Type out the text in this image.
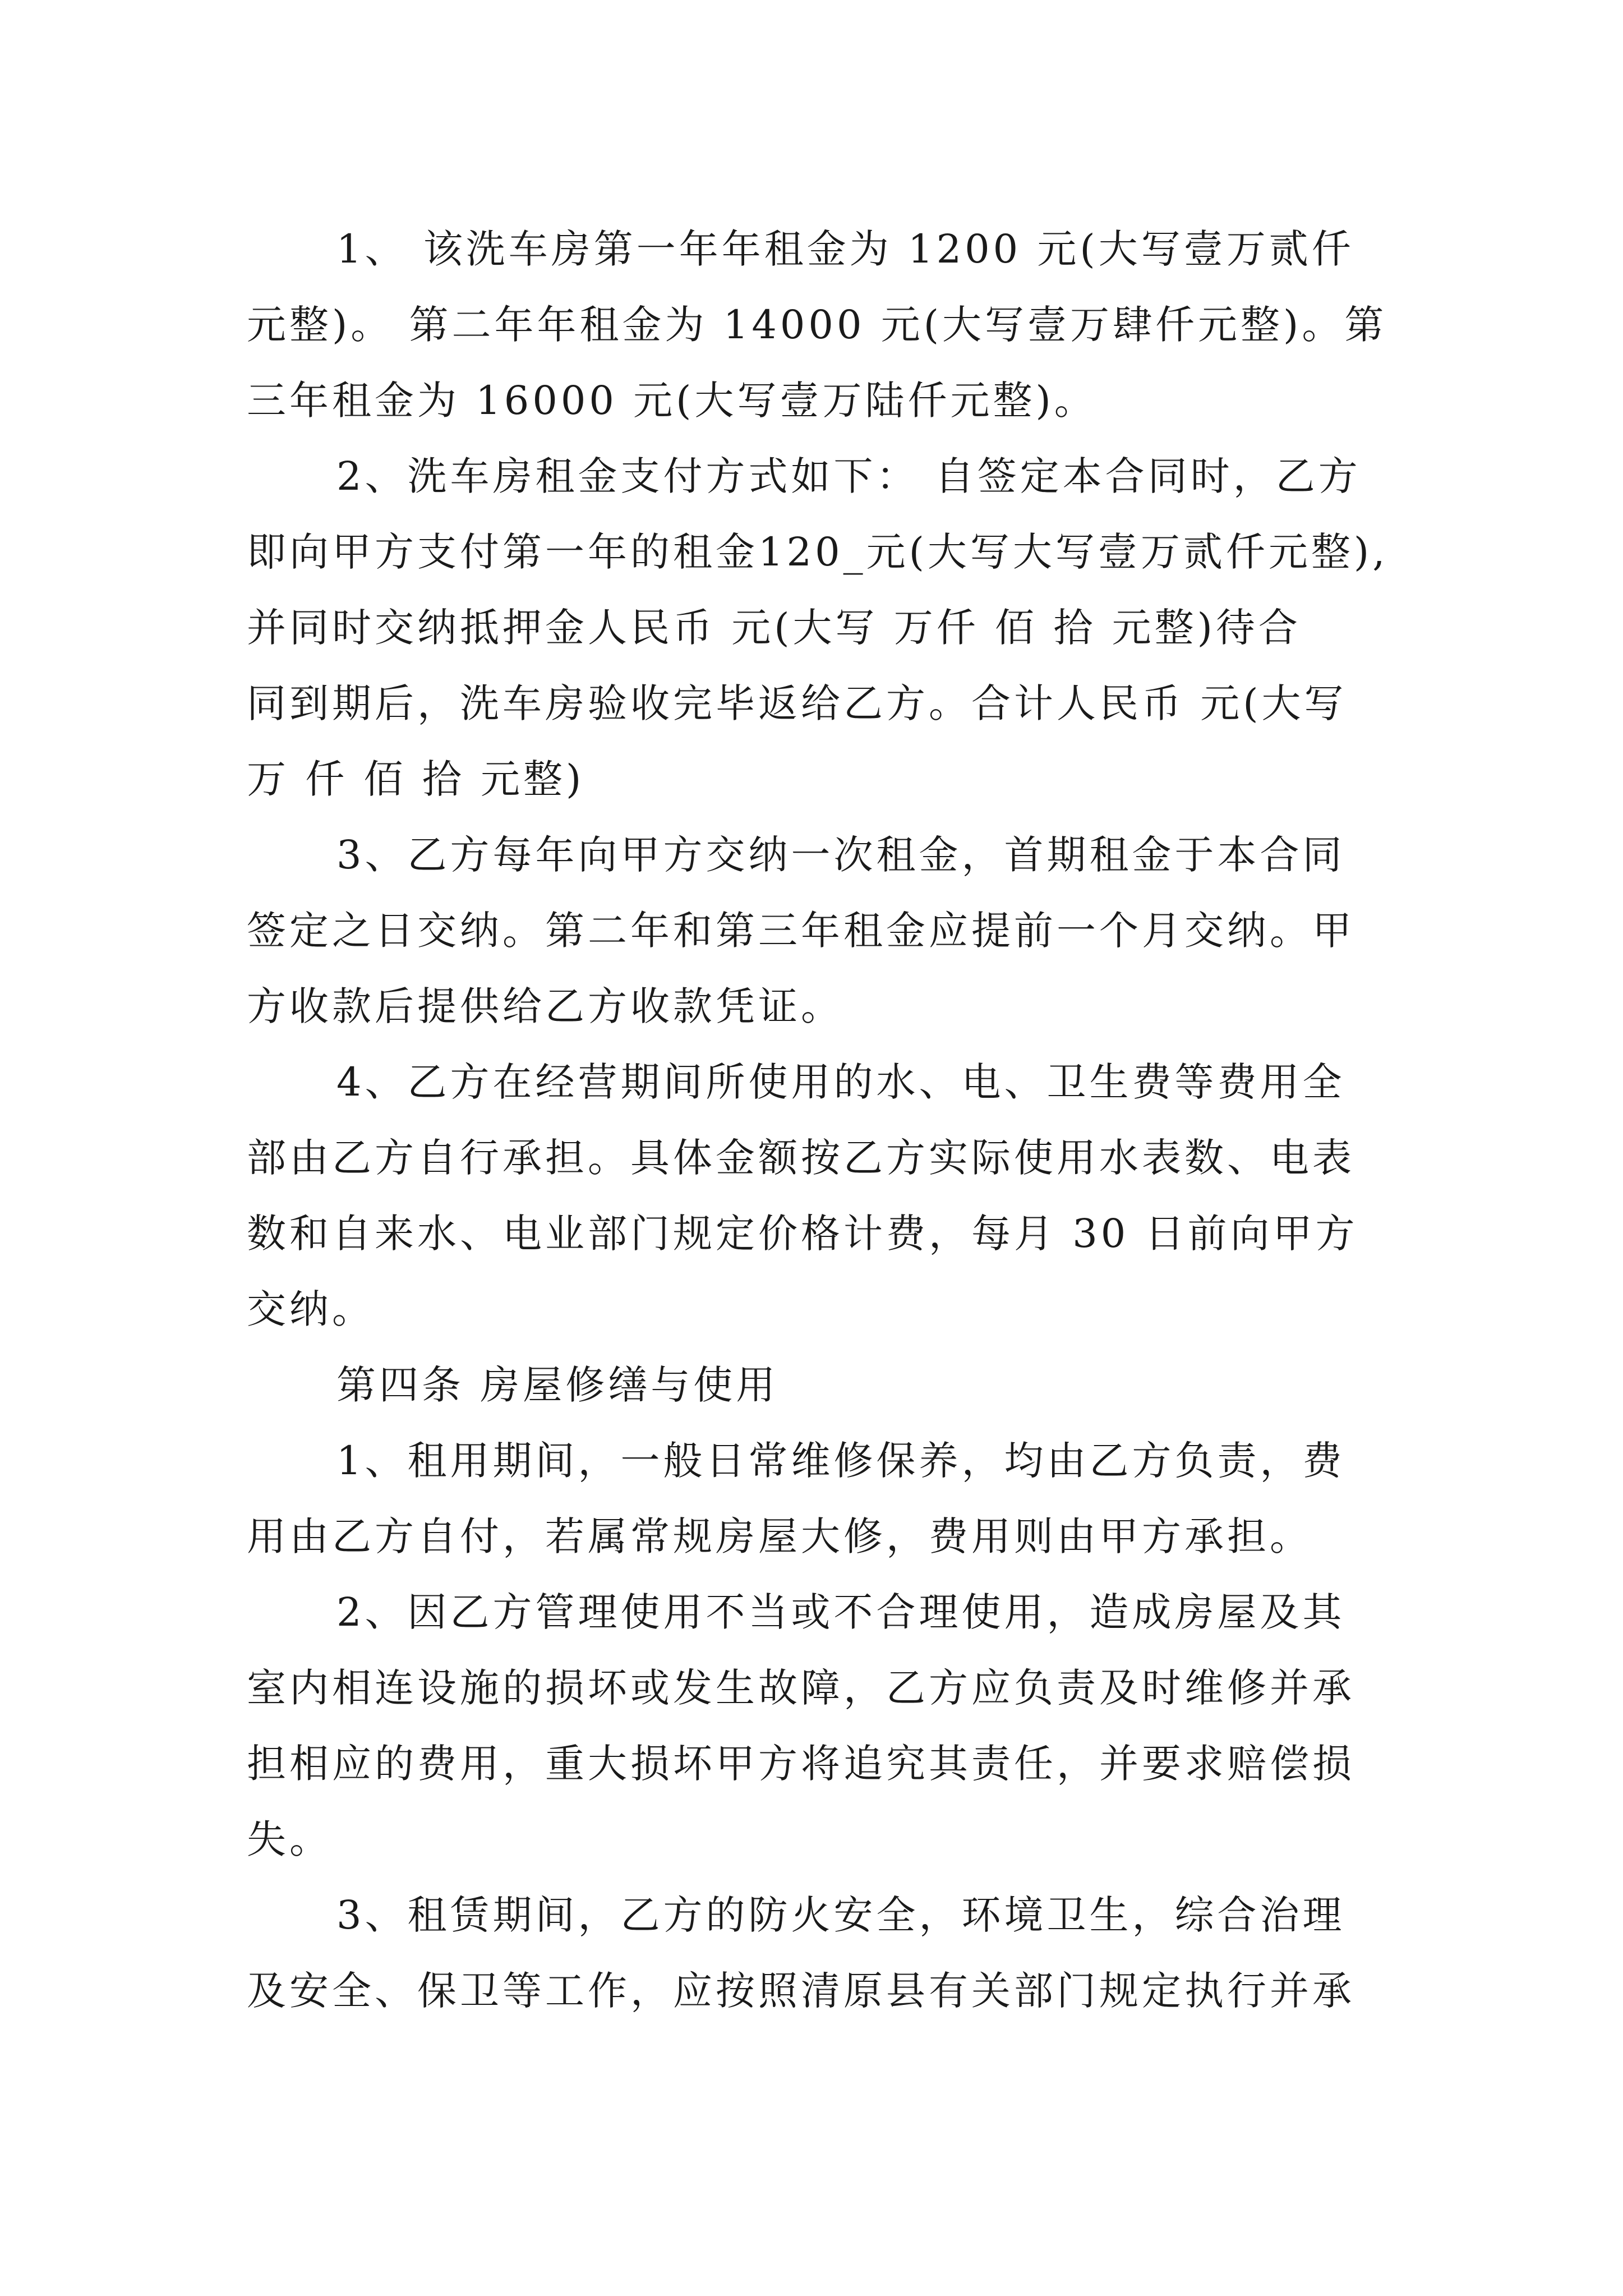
1、 该洗车房第一年年租金为 1200 元(大写壹万贰仟
元整)。 第二年年租金为 14000 元(大写壹万肆仟元整)。第
三年租金为 16000 元(大写壹万陆仟元整)。
2、洗车房租金支付方式如下： 自签定本合同时，乙方
即向甲方支付第一年的租金120_元(大写大写壹万贰仟元整),
并同时交纳抵押金人民币 元(大写 万仟 佰 拾 元整)待合
同到期后，洗车房验收完毕返给乙方。合计人民币 元(大写
万 仟 佰 拾 元整)
3、乙方每年向甲方交纳一次租金，首期租金于本合同
签定之日交纳。第二年和第三年租金应提前一个月交纳。甲
方收款后提供给乙方收款凭证。
4、乙方在经营期间所使用的水、电、卫生费等费用全
部由乙方自行承担。具体金额按乙方实际使用水表数、电表
数和自来水、电业部门规定价格计费，每月 30 日前向甲方
交纳。
第四条 房屋修缮与使用
1、租用期间，一般日常维修保养，均由乙方负责，费
用由乙方自付，若属常规房屋大修，费用则由甲方承担。
2、因乙方管理使用不当或不合理使用，造成房屋及其
室内相连设施的损坏或发生故障，乙方应负责及时维修并承
担相应的费用，重大损坏甲方将追究其责任，并要求赔偿损
失。
3、租赁期间，乙方的防火安全，环境卫生，综合治理
及安全、保卫等工作，应按照清原县有关部门规定执行并承
